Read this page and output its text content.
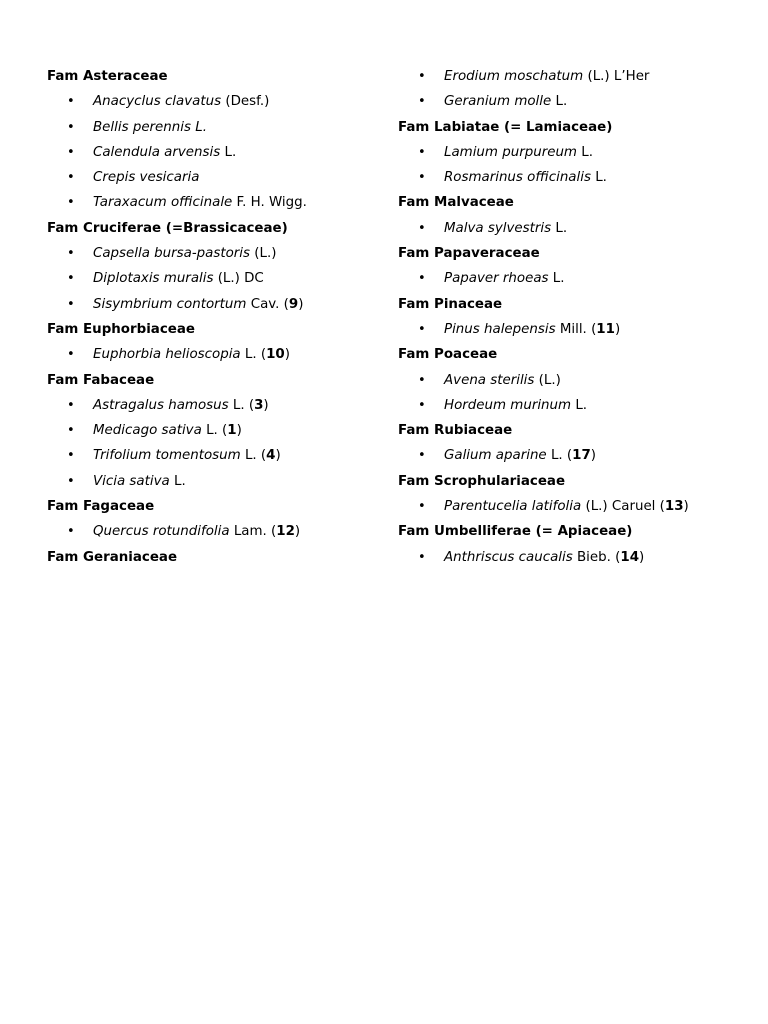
Fam Asteraceae
• Anacyclus clavatus (Desf.)
• Bellis perennis L.
• Calendula arvensis L.
• Crepis vesicaria
• Taraxacum officinale F. H. Wigg.
Fam Cruciferae (=Brassicaceae)
• Capsella bursa-pastoris (L.)
• Diplotaxis muralis (L.) DC
• Sisymbrium contortum Cav. (9)
Fam Euphorbiaceae
• Euphorbia helioscopia L. (10)
Fam Fabaceae
• Astragalus hamosus L. (3)
• Medicago sativa L. (1)
• Trifolium tomentosum L. (4)
• Vicia sativa L.
Fam Fagaceae
• Quercus rotundifolia Lam. (12)
Fam Geraniaceae
• Erodium moschatum (L.) L’Her
• Geranium molle L.
Fam Labiatae (= Lamiaceae)
• Lamium purpureum L.
• Rosmarinus officinalis L.
Fam Malvaceae
• Malva sylvestris L.
Fam Papaveraceae
• Papaver rhoeas L.
Fam Pinaceae
• Pinus halepensis Mill. (11)
Fam Poaceae
• Avena sterilis (L.)
• Hordeum murinum L.
Fam Rubiaceae
• Galium aparine L. (17)
Fam Scrophulariaceae
• Parentucelia latifolia (L.) Caruel (13)
Fam Umbelliferae (= Apiaceae)
• Anthriscus caucalis Bieb. (14)
